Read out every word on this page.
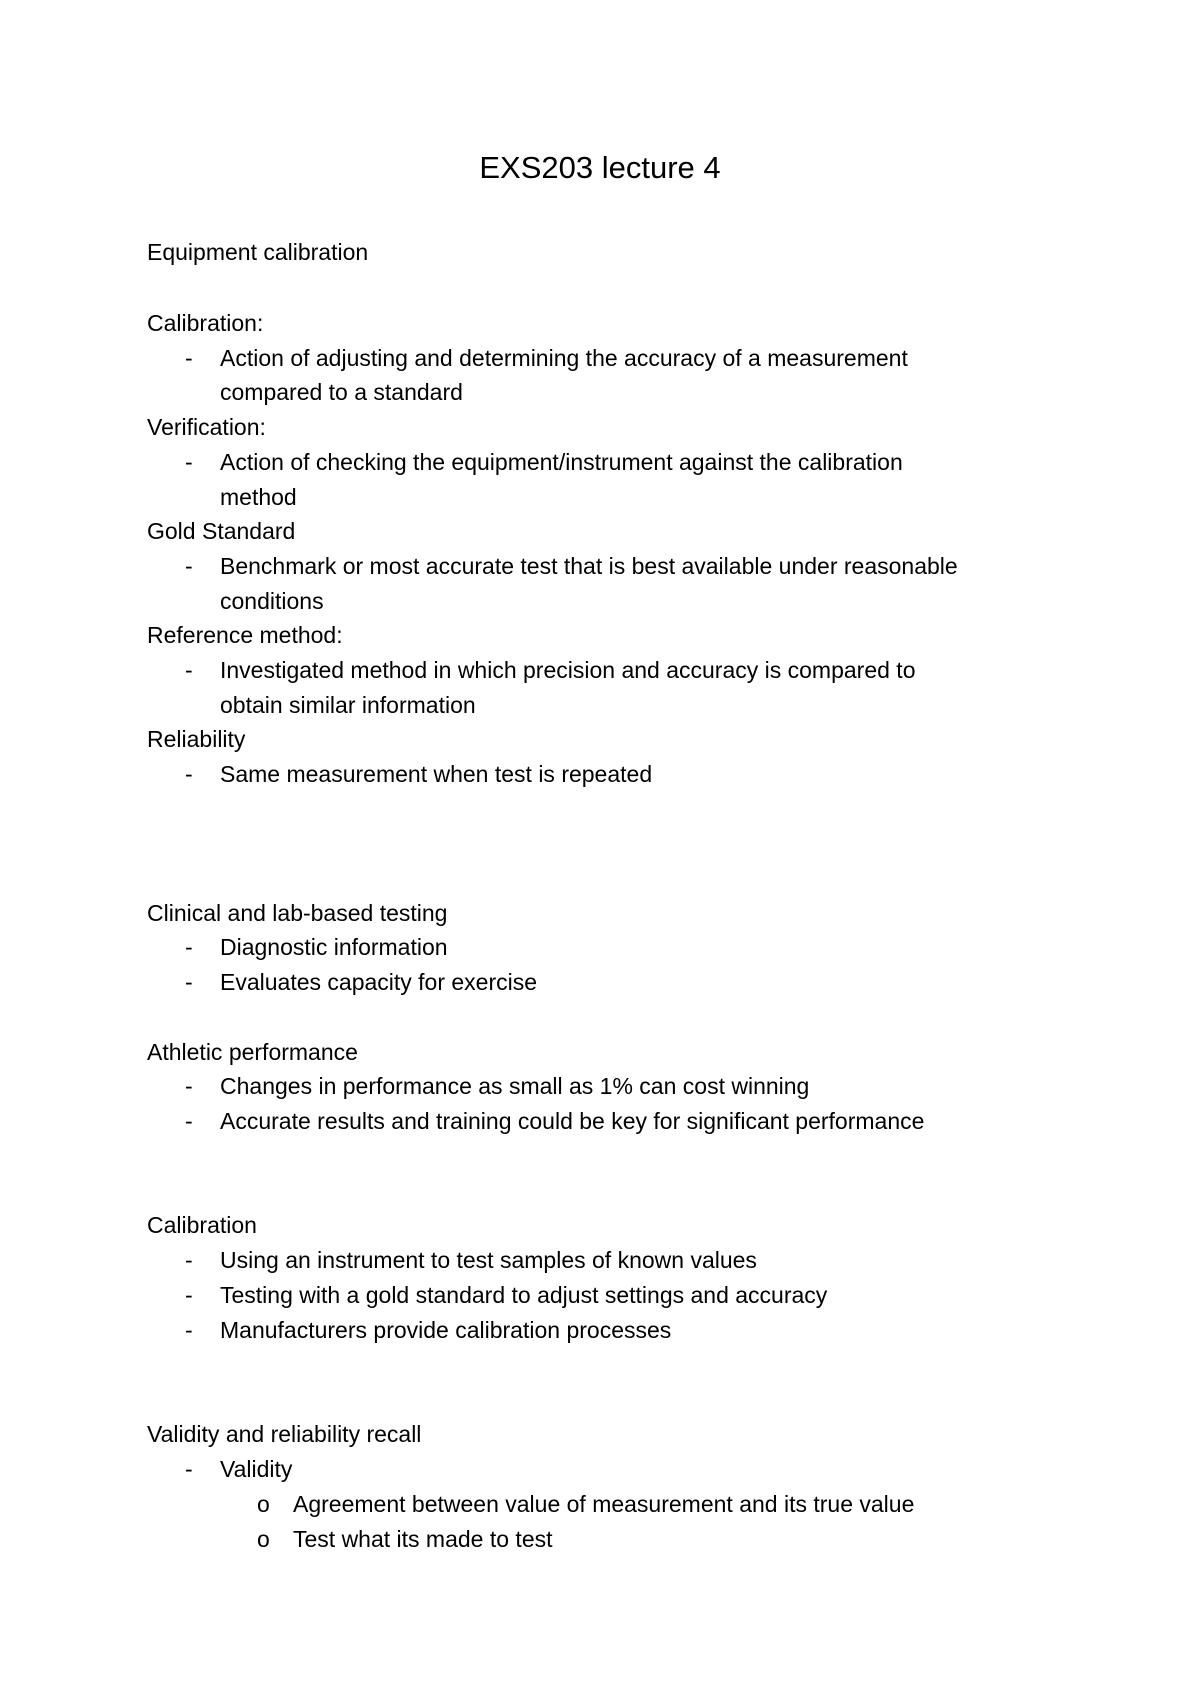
EXS203 lecture 4

Equipment calibration

Calibration:

- Action of adjusting and determining the accuracy of a measurement
compared to a standard

Verification:

- Action of checking the equipment/instrument against the calibration
method

Gold Standard

- Benchmark or most accurate test that is best available under reasonable
conditions

Reference method:

- Investigated method in which precision and accuracy is compared to
obtain similar information

Reliability

- Same measurement when test is repeated

Clinical and lab-based testing

- Diagnostic information
- Evaluates capacity for exercise

Athletic performance

- Changes in performance as small as 1% can cost winning
- Accurate results and training could be key for significant performance

Calibration

- Using an instrument to test samples of known values
- Testing with a gold standard to adjust settings and accuracy
- Manufacturers provide calibration processes

Validity and reliability recall

- Validity
o Agreement between value of measurement and its true value
o Test what its made to test
